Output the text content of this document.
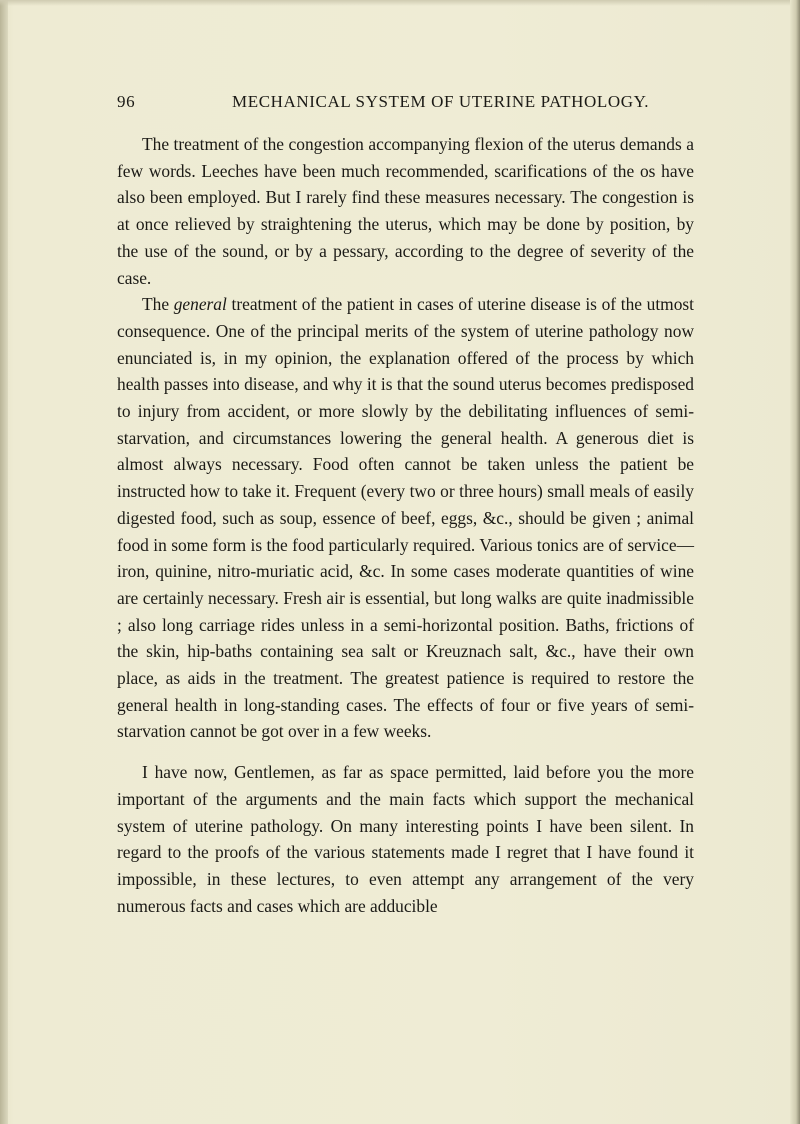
96	MECHANICAL SYSTEM OF UTERINE PATHOLOGY.

The treatment of the congestion accompanying flexion of the uterus demands a few words. Leeches have been much recommended, scarifications of the os have also been employed. But I rarely find these measures necessary. The congestion is at once relieved by straightening the uterus, which may be done by position, by the use of the sound, or by a pessary, according to the degree of severity of the case.

The general treatment of the patient in cases of uterine disease is of the utmost consequence. One of the principal merits of the system of uterine pathology now enunciated is, in my opinion, the explanation offered of the process by which health passes into disease, and why it is that the sound uterus becomes predisposed to injury from accident, or more slowly by the debilitating influences of semi-starvation, and circumstances lowering the general health. A generous diet is almost always necessary. Food often cannot be taken unless the patient be instructed how to take it. Frequent (every two or three hours) small meals of easily digested food, such as soup, essence of beef, eggs, &c., should be given ; animal food in some form is the food particularly required. Various tonics are of service—iron, quinine, nitro-muriatic acid, &c. In some cases moderate quantities of wine are certainly necessary. Fresh air is essential, but long walks are quite inadmissible ; also long carriage rides unless in a semi-horizontal position. Baths, frictions of the skin, hip-baths containing sea salt or Kreuznach salt, &c., have their own place, as aids in the treatment. The greatest patience is required to restore the general health in long-standing cases. The effects of four or five years of semi-starvation cannot be got over in a few weeks.

I have now, Gentlemen, as far as space permitted, laid before you the more important of the arguments and the main facts which support the mechanical system of uterine pathology. On many interesting points I have been silent. In regard to the proofs of the various statements made I regret that I have found it impossible, in these lectures, to even attempt any arrangement of the very numerous facts and cases which are adducible
